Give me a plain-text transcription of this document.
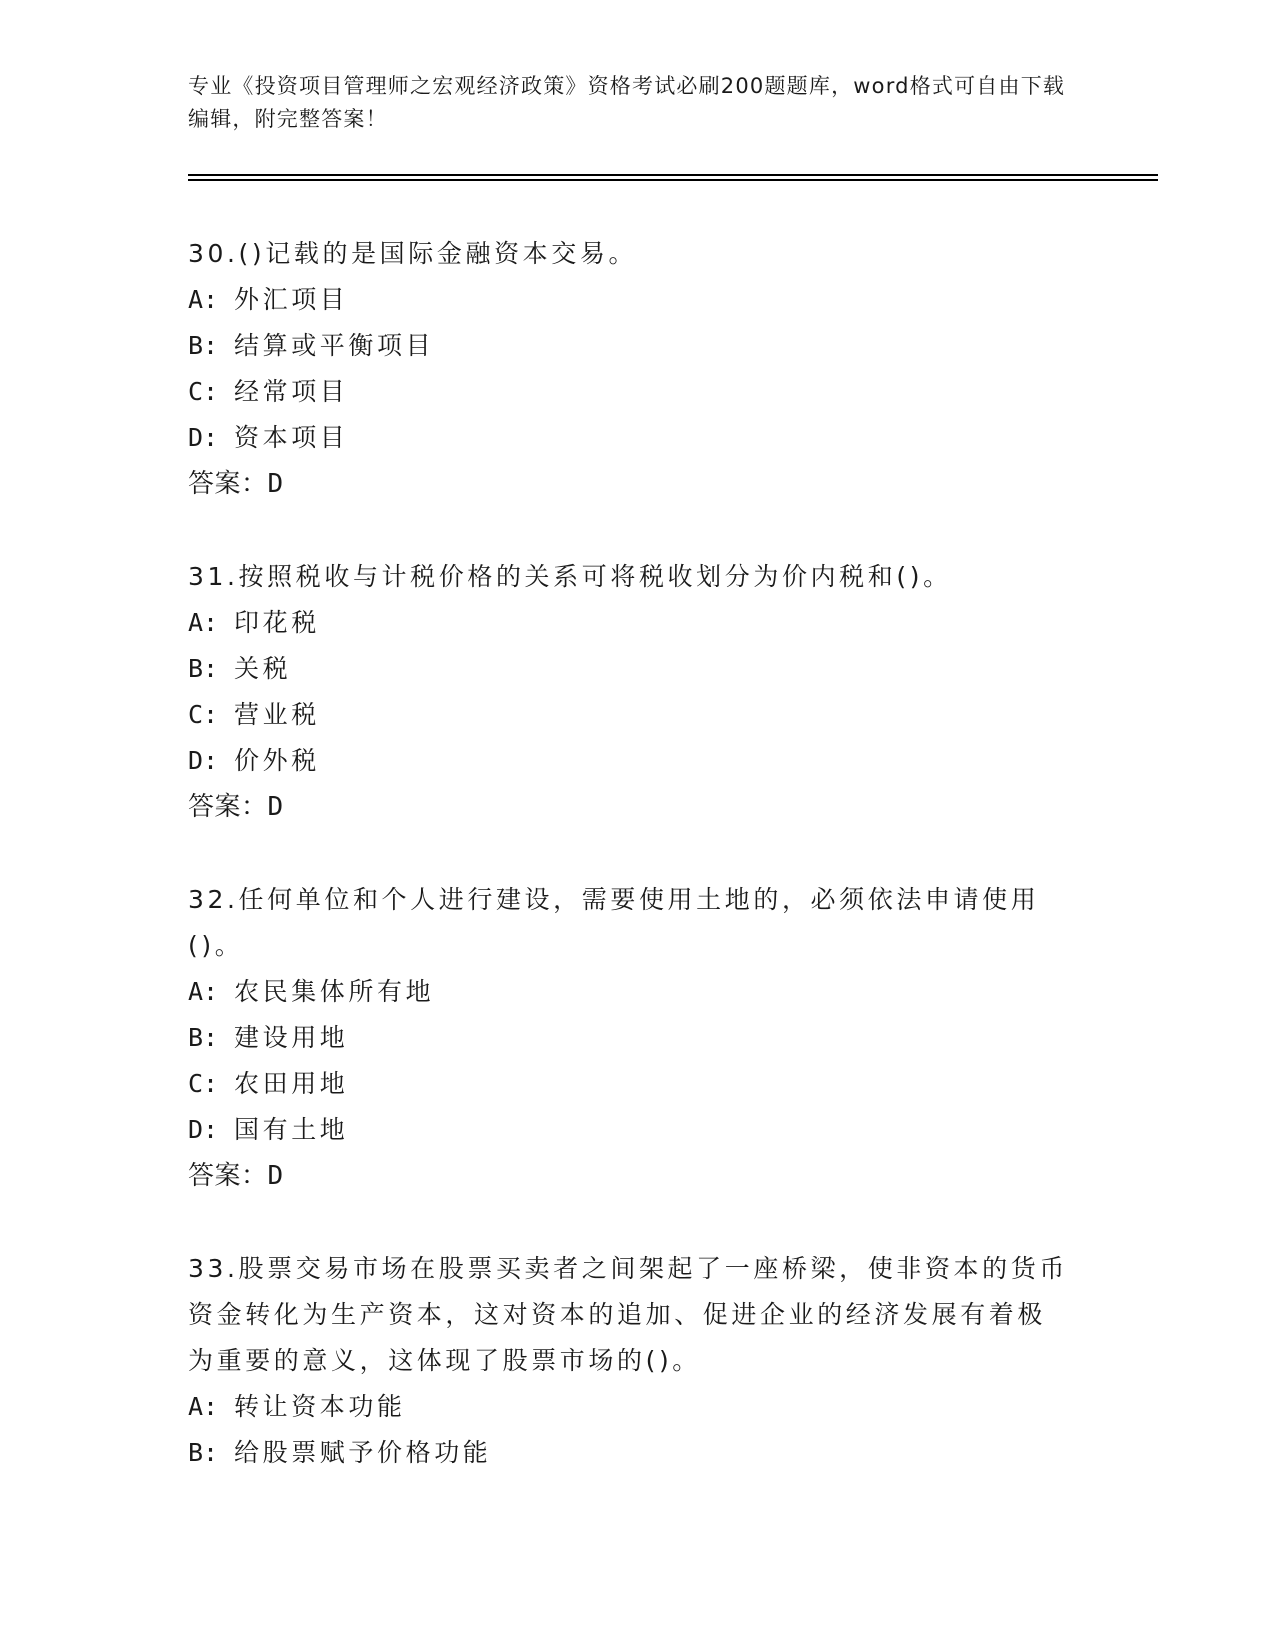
专业《投资项目管理师之宏观经济政策》资格考试必刷200题题库，word格式可自由下载编辑，附完整答案！

30.()记载的是国际金融资本交易。

A: 外汇项目

B: 结算或平衡项目

C: 经常项目

D: 资本项目

答案：D

31.按照税收与计税价格的关系可将税收划分为价内税和()。

A: 印花税

B: 关税

C: 营业税

D: 价外税

答案：D

32.任何单位和个人进行建设，需要使用土地的，必须依法申请使用()。

A: 农民集体所有地

B: 建设用地

C: 农田用地

D: 国有土地

答案：D

33.股票交易市场在股票买卖者之间架起了一座桥梁，使非资本的货币资金转化为生产资本，这对资本的追加、促进企业的经济发展有着极为重要的意义，这体现了股票市场的()。

A: 转让资本功能

B: 给股票赋予价格功能
